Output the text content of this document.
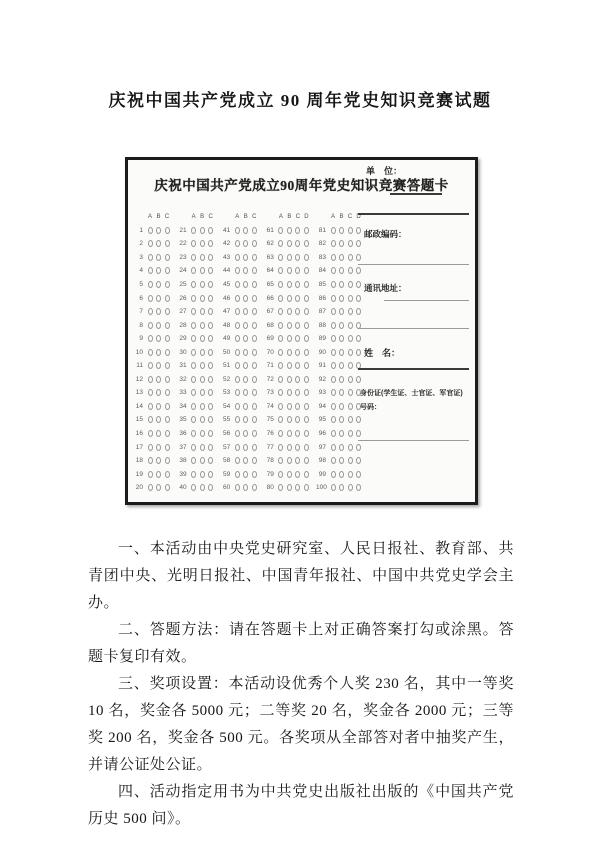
庆祝中国共产党成立 90 周年党史知识竞赛试题
庆祝中国共产党成立90周年党史知识竞赛答题卡
A B C
1
2
3
4
5
6
7
8
9
10
11
12
13
14
15
16
17
18
19
20
A B C
21
22
23
24
25
26
27
28
29
30
31
32
33
34
35
36
37
38
39
40
A B C
41
42
43
44
45
46
47
48
49
50
51
52
53
54
55
56
57
58
59
60
A B C D
61
62
63
64
65
66
67
68
69
70
71
72
73
74
75
76
77
78
79
80
A B C D
81
82
83
84
85
86
87
88
89
90
91
92
93
94
95
96
97
98
99
100
单　位：
邮政编码：
通讯地址：
姓　名：
身份证(学生证、士官证、军官证)
号码：

一、本活动由中央党史研究室、人民日报社、教育部、共青团中央、光明日报社、中国青年报社、中国中共党史学会主办。

二、答题方法：请在答题卡上对正确答案打勾或涂黑。答题卡复印有效。

三、奖项设置：本活动设优秀个人奖 230 名，其中一等奖 10 名，奖金各 5000 元；二等奖 20 名，奖金各 2000 元；三等奖 200 名，奖金各 500 元。各奖项从全部答对者中抽奖产生，并请公证处公证。

四、活动指定用书为中共党史出版社出版的《中国共产党历史 500 问》。
